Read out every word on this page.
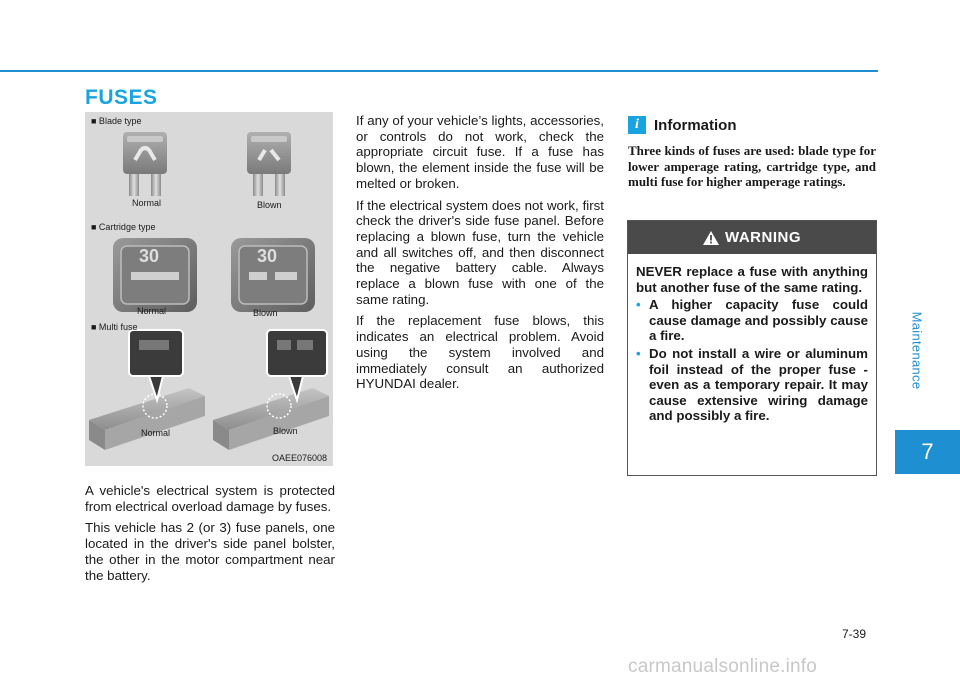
FUSES
Maintenance
7
30	30
■ Blade type
Normal	Blown
■ Cartridge type
Normal	Blown
■ Multi fuse
Normal	Blown
OAEE076008

A vehicle's electrical system is protected from electrical overload damage by fuses.

This vehicle has 2 (or 3) fuse panels, one located in the driver's side panel bolster, the other in the motor compartment near the battery.

If any of your vehicle’s lights, accessories, or controls do not work, check the appropriate circuit fuse. If a fuse has blown, the element inside the fuse will be melted or broken.

If the electrical system does not work, first check the driver's side fuse panel. Before replacing a blown fuse, turn the vehicle and all switches off, and then disconnect the negative battery cable. Always replace a blown fuse with one of the same rating.

If the replacement fuse blows, this indicates an electrical problem. Avoid using the system involved and immediately consult an authorized HYUNDAI dealer.

i	Information
Three kinds of fuses are used: blade type for lower amperage rating, cartridge type, and multi fuse for higher amperage ratings.
WARNING
NEVER replace a fuse with anything but another fuse of the same rating.
• A higher capacity fuse could cause damage and possibly cause a fire.
• Do not install a wire or aluminum foil instead of the proper fuse - even as a temporary repair. It may cause extensive wiring damage and possibly a fire.
7-39
carmanualsonline.info
